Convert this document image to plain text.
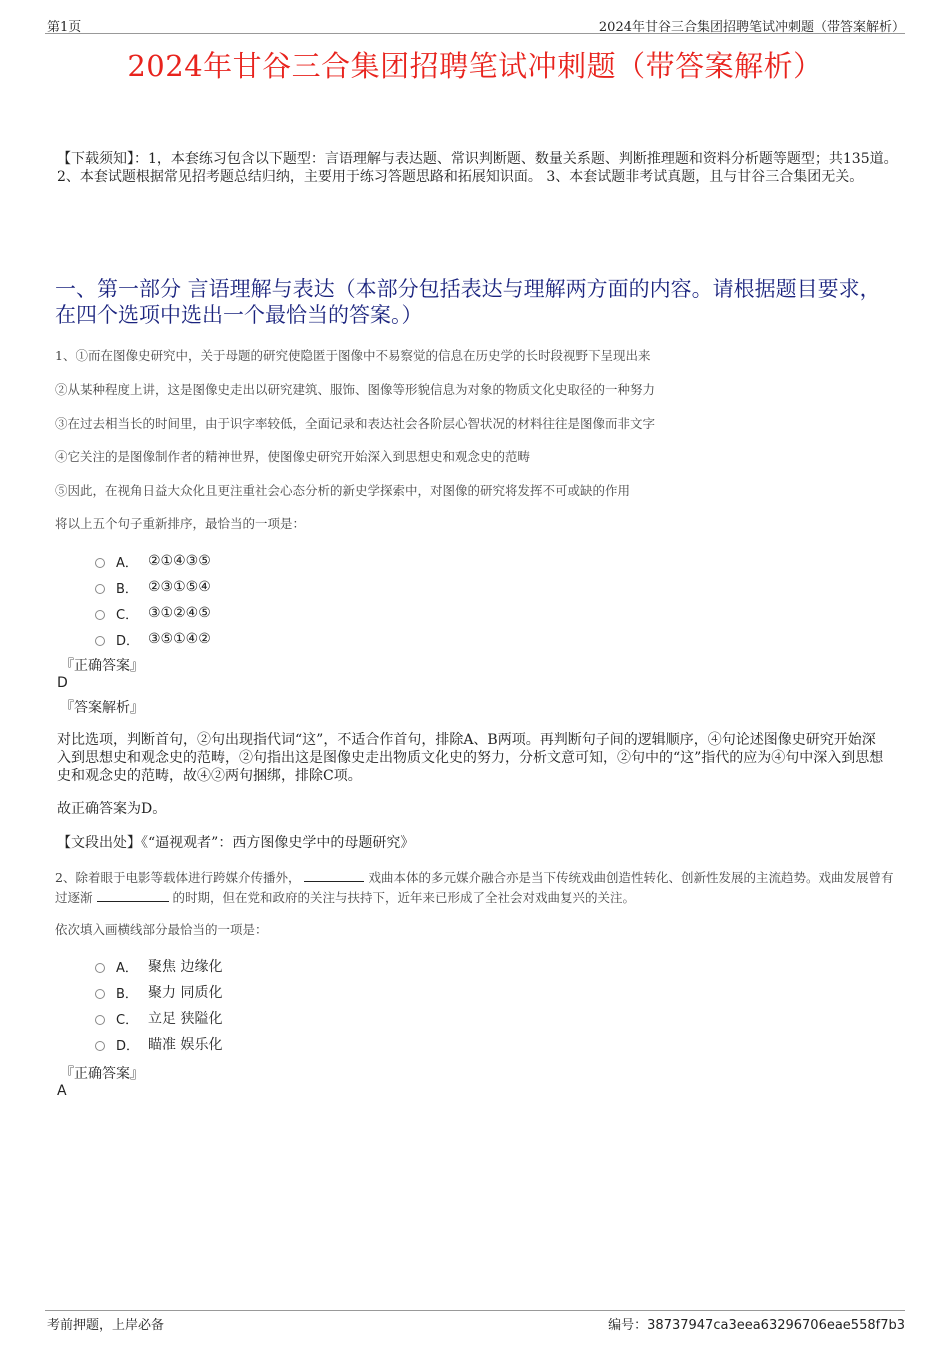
第1页	2024年甘谷三合集团招聘笔试冲刺题（带答案解析）
2024年甘谷三合集团招聘笔试冲刺题（带答案解析）
【下载须知】：1，本套练习包含以下题型：言语理解与表达题、常识判断题、数量关系题、判断推理题和资料分析题等题型；共135道。 2、本套试题根据常见招考题总结归纳，主要用于练习答题思路和拓展知识面。 3、本套试题非考试真题，且与甘谷三合集团无关。
一、第一部分 言语理解与表达（本部分包括表达与理解两方面的内容。请根据题目要求，在四个选项中选出一个最恰当的答案。）
1、①而在图像史研究中，关于母题的研究使隐匿于图像中不易察觉的信息在历史学的长时段视野下呈现出来
②从某种程度上讲，这是图像史走出以研究建筑、服饰、图像等形貌信息为对象的物质文化史取径的一种努力
③在过去相当长的时间里，由于识字率较低，全面记录和表达社会各阶层心智状况的材料往往是图像而非文字
④它关注的是图像制作者的精神世界，使图像史研究开始深入到思想史和观念史的范畴
⑤因此，在视角日益大众化且更注重社会心态分析的新史学探索中，对图像的研究将发挥不可或缺的作用
将以上五个句子重新排序，最恰当的一项是：
A． ②①④③⑤
B． ②③①⑤④
C． ③①②④⑤
D． ③⑤①④②
『正确答案』
D
『答案解析』
对比选项，判断首句，②句出现指代词“这”，不适合作首句，排除A、B两项。再判断句子间的逻辑顺序，④句论述图像史研究开始深入到思想史和观念史的范畴，②句指出这是图像史走出物质文化史的努力，分析文意可知，②句中的“这”指代的应为④句中深入到思想史和观念史的范畴，故④②两句捆绑，排除C项。
故正确答案为D。
【文段出处】《“逼视观者”：西方图像史学中的母题研究》
2、除着眼于电影等载体进行跨媒介传播外，	戏曲本体的多元媒介融合亦是当下传统戏曲创造性转化、创新性发展的主流趋势。戏曲发展曾有过逐渐	的时期，但在党和政府的关注与扶持下，近年来已形成了全社会对戏曲复兴的关注。
依次填入画横线部分最恰当的一项是：
A． 聚焦 边缘化
B． 聚力 同质化
C． 立足 狭隘化
D． 瞄准 娱乐化
『正确答案』
A
考前押题，上岸必备	编号：38737947ca3eea63296706eae558f7b3
